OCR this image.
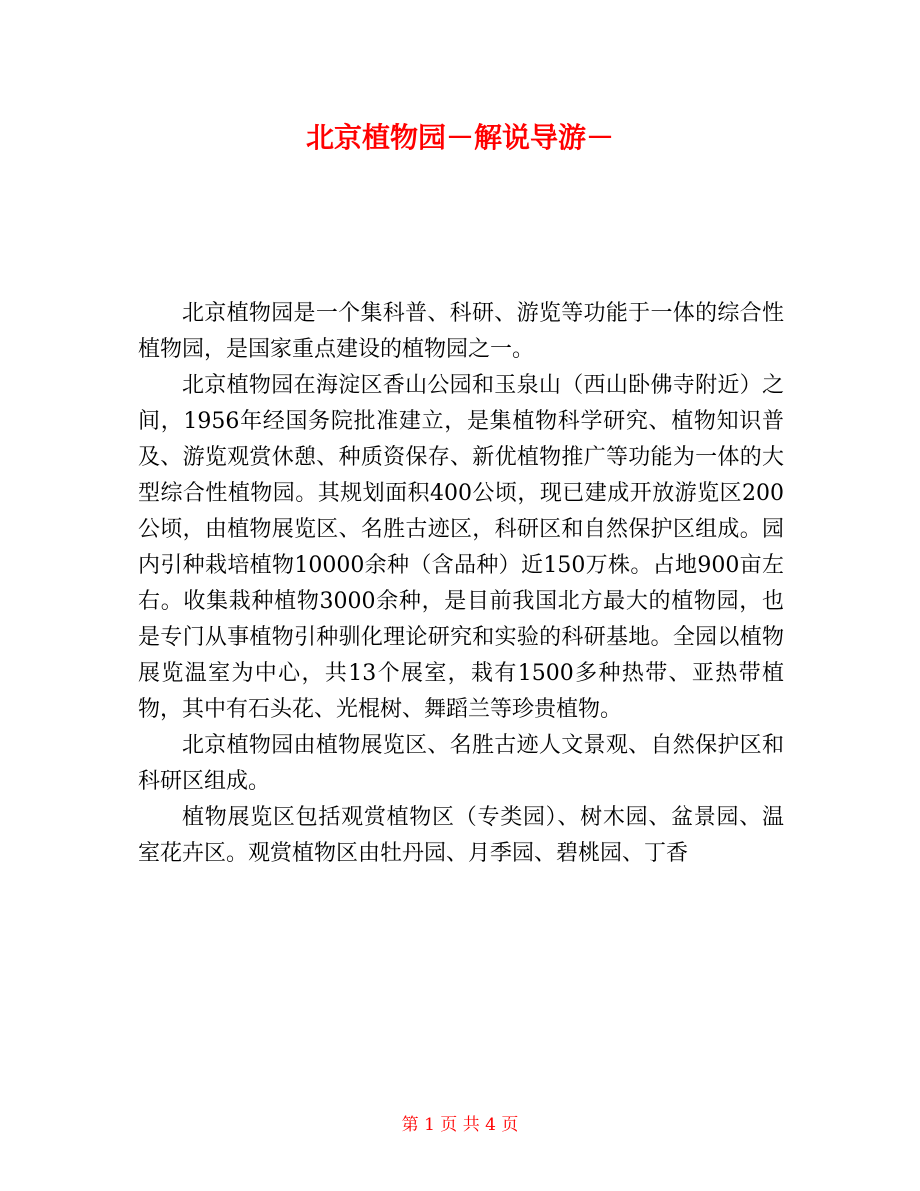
北京植物园－解说导游－

北京植物园是一个集科普、科研、游览等功能于一体的综合性植物园，是国家重点建设的植物园之一。

北京植物园在海淀区香山公园和玉泉山（西山卧佛寺附近）之间，1956年经国务院批准建立，是集植物科学研究、植物知识普及、游览观赏休憩、种质资保存、新优植物推广等功能为一体的大型综合性植物园。其规划面积400公顷，现已建成开放游览区200公顷，由植物展览区、名胜古迹区，科研区和自然保护区组成。园内引种栽培植物10000余种（含品种）近150万株。占地900亩左右。收集栽种植物3000余种，是目前我国北方最大的植物园，也是专门从事植物引种驯化理论研究和实验的科研基地。全园以植物展览温室为中心，共13个展室，栽有1500多种热带、亚热带植物，其中有石头花、光棍树、舞蹈兰等珍贵植物。

北京植物园由植物展览区、名胜古迹人文景观、自然保护区和科研区组成。

植物展览区包括观赏植物区（专类园）、树木园、盆景园、温室花卉区。观赏植物区由牡丹园、月季园、碧桃园、丁香

第 1 页 共 4 页
